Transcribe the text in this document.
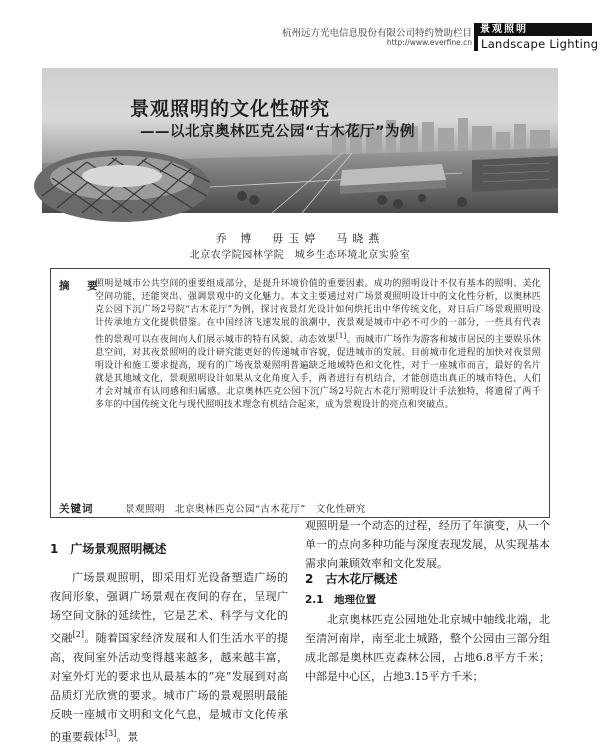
杭州远方光电信息股份有限公司特约赞助栏目
http://www.everfine.cn
景观照明
Landscape Lighting
景观照明的文化性研究
——以北京奥林匹克公园“古木花厅”为例
乔 博　毋玉婷　马晓燕
北京农学院园林学院　城乡生态环境北京实验室
摘 要
照明是城市公共空间的重要组成部分，是提升环境价值的重要因素。成功的照明设计不仅有基本的照明、美化空间功能，还能突出、强调景观中的文化魅力。本文主要通过对广场景观照明设计中的文化性分析，以奥林匹克公园下沉广场2号院“古木花厅”为例，探讨夜景灯光设计如何烘托出中华传统文化，对日后广场景观照明设计传承地方文化提供借鉴。在中国经济飞速发展的浪潮中，夜景观是城市中必不可少的一部分，一些具有代表性的景观可以在夜间向人们展示城市的特有风貌、动态效果[1]。而城市广场作为游客和城市居民的主要娱乐休息空间，对其夜景照明的设计研究能更好的传递城市容貌，促进城市的发展。目前城市化进程的加快对夜景照明设计和施工要求提高，现有的广场夜景观照明普遍缺乏地域特色和文化性，对于一座城市而言，最好的名片就是其地域文化，景观照明设计如果从文化角度入手，两者进行有机结合，才能创造出真正的城市特色，人们才会对城市有认同感和归属感。北京奥林匹克公园下沉广场2号院古木花厅照明设计手法独特，将遗留了两千多年的中国传统文化与现代照明技术理念有机结合起来，成为景观设计的亮点和突破点。
关键词	景观照明　北京奥林匹克公园“古木花厅”　文化性研究
1　广场景观照明概述
广场景观照明，即采用灯光设备塑造广场的夜间形象，强调广场景观在夜间的存在，呈现广场空间文脉的延续性，它是艺术、科学与文化的交融[2]。随着国家经济发展和人们生活水平的提高，夜间室外活动变得越来越多，越来越丰富，对室外灯光的要求也从最基本的“亮”发展到对高品质灯光欣赏的要求。城市广场的景观照明最能反映一座城市文明和文化气息，是城市文化传承的重要载体[3]。景
观照明是一个动态的过程，经历了年演变，从一个单一的点向多种功能与深度表现发展，从实现基本需求向兼顾效率和文化发展。
2　古木花厅概述
2.1　地理位置
北京奥林匹克公园地处北京城中轴线北端，北至清河南岸，南至北土城路，整个公园由三部分组成北部是奥林匹克森林公园，占地6.8平方千米；中部是中心区，占地3.15平方千米；
